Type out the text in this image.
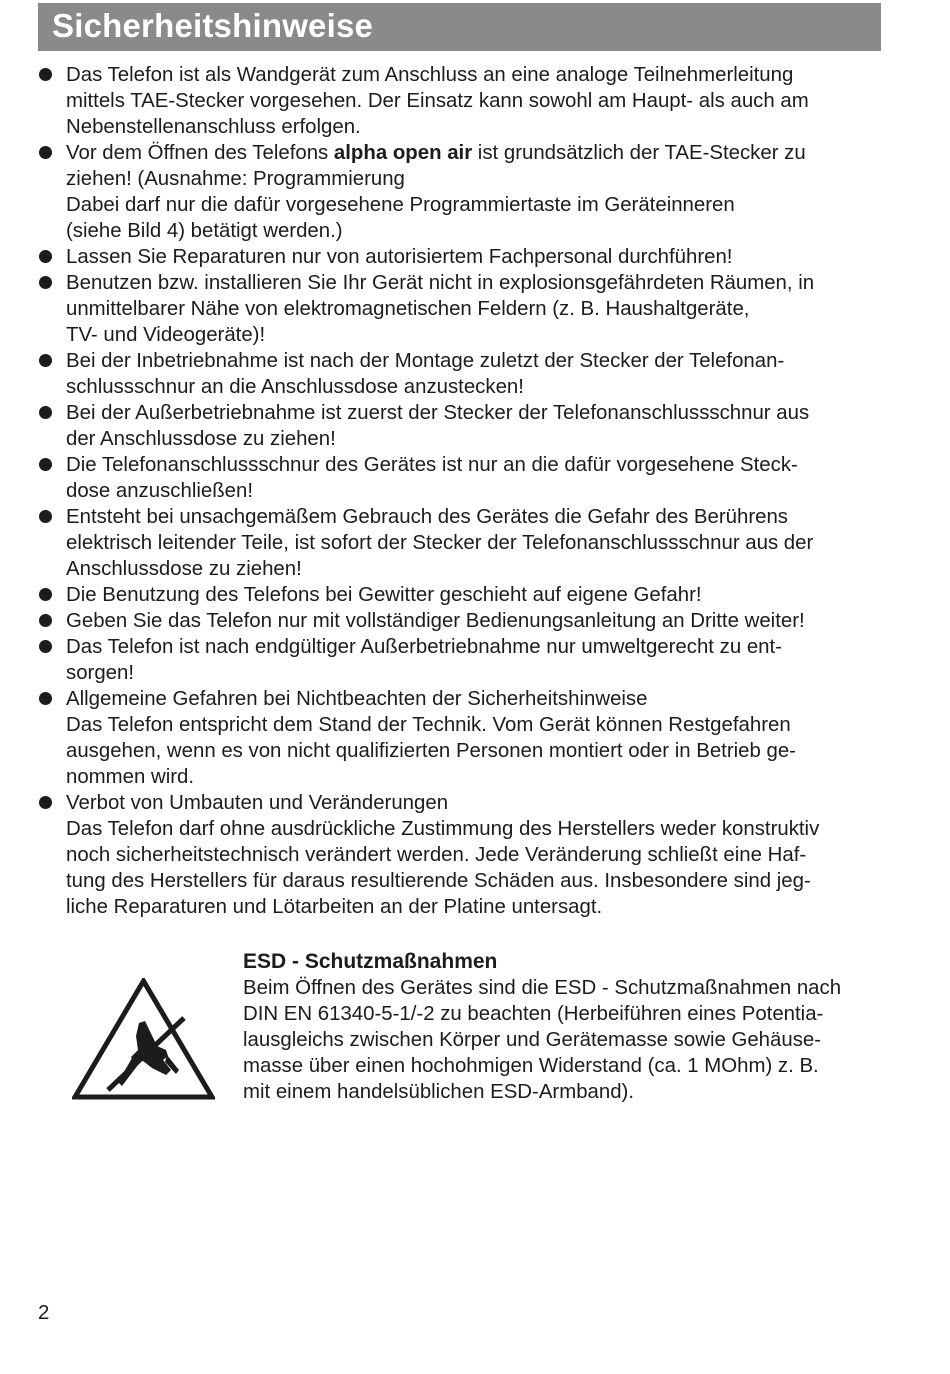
Sicherheitshinweise
Das Telefon ist als Wandgerät zum Anschluss an eine analoge Teilnehmerleitung
mittels TAE-Stecker vorgesehen. Der Einsatz kann sowohl am Haupt- als auch am
Nebenstellenanschluss erfolgen.
Vor dem Öffnen des Telefons alpha open air ist grundsätzlich der TAE-Stecker zu
ziehen! (Ausnahme: Programmierung
Dabei darf nur die dafür vorgesehene Programmiertaste im Geräteinneren
(siehe Bild 4) betätigt werden.)
Lassen Sie Reparaturen nur von autorisiertem Fachpersonal durchführen!
Benutzen bzw. installieren Sie Ihr Gerät nicht in explosionsgefährdeten Räumen, in
unmittelbarer Nähe von elektromagnetischen Feldern (z. B. Haushaltgeräte,
TV- und Videogeräte)!
Bei der Inbetriebnahme ist nach der Montage zuletzt der Stecker der Telefonan-
schlussschnur an die Anschlussdose anzustecken!
Bei der Außerbetriebnahme ist zuerst der Stecker der Telefonanschlussschnur aus
der Anschlussdose zu ziehen!
Die Telefonanschlussschnur des Gerätes ist nur an die dafür vorgesehene Steck-
dose anzuschließen!
Entsteht bei unsachgemäßem Gebrauch des Gerätes die Gefahr des Berührens
elektrisch leitender Teile, ist sofort der Stecker der Telefonanschlussschnur aus der
Anschlussdose zu ziehen!
Die Benutzung des Telefons bei Gewitter geschieht auf eigene Gefahr!
Geben Sie das Telefon nur mit vollständiger Bedienungsanleitung an Dritte weiter!
Das Telefon ist nach endgültiger Außerbetriebnahme nur umweltgerecht zu ent-
sorgen!
Allgemeine Gefahren bei Nichtbeachten der Sicherheitshinweise
Das Telefon entspricht dem Stand der Technik. Vom Gerät können Restgefahren
ausgehen, wenn es von nicht qualifizierten Personen montiert oder in Betrieb ge-
nommen wird.
Verbot von Umbauten und Veränderungen
Das Telefon darf ohne ausdrückliche Zustimmung des Herstellers weder konstruktiv
noch sicherheitstechnisch verändert werden. Jede Veränderung schließt eine Haf-
tung des Herstellers für daraus resultierende Schäden aus. Insbesondere sind jeg-
liche Reparaturen und Lötarbeiten an der Platine untersagt.
ESD - Schutzmaßnahmen
Beim Öffnen des Gerätes sind die ESD - Schutzmaßnahmen nach
DIN EN 61340-5-1/-2 zu beachten (Herbeiführen eines Potentia-
lausgleichs zwischen Körper und Gerätemasse sowie Gehäuse-
masse über einen hochohmigen Widerstand (ca. 1 MOhm) z. B.
mit einem handelsüblichen ESD-Armband).
2
